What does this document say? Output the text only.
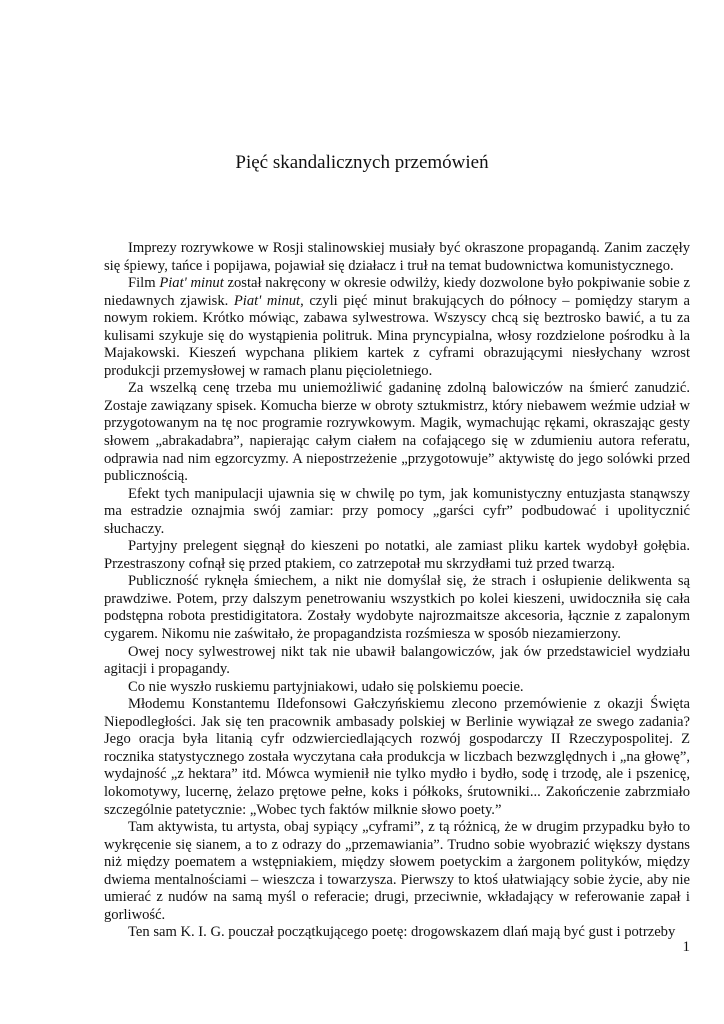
Pięć skandalicznych przemówień

Imprezy rozrywkowe w Rosji stalinowskiej musiały być okraszone propagandą. Zanim zaczęły się śpiewy, tańce i popijawa, pojawiał się działacz i truł na temat budownictwa komunistycznego.

Film Piat' minut został nakręcony w okresie odwilży, kiedy dozwolone było pokpiwanie sobie z niedawnych zjawisk. Piat' minut, czyli pięć minut brakujących do północy – pomiędzy starym a nowym rokiem. Krótko mówiąc, zabawa sylwestrowa. Wszyscy chcą się beztrosko bawić, a tu za kulisami szykuje się do wystąpienia politruk. Mina pryncypialna, włosy rozdzielone pośrodku à la Majakowski. Kieszeń wypchana plikiem kartek z cyframi obrazującymi niesłychany wzrost produkcji przemysłowej w ramach planu pięcioletniego.

Za wszelką cenę trzeba mu uniemożliwić gadaninę zdolną balowiczów na śmierć zanudzić. Zostaje zawiązany spisek. Komucha bierze w obroty sztukmistrz, który niebawem weźmie udział w przygotowanym na tę noc programie rozrywkowym. Magik, wymachując rękami, okraszając gesty słowem „abrakadabra”, napierając całym ciałem na cofającego się w zdumieniu autora referatu, odprawia nad nim egzorcyzmy. A niepostrzeżenie „przygotowuje” aktywistę do jego solówki przed publicznością.

Efekt tych manipulacji ujawnia się w chwilę po tym, jak komunistyczny entuzjasta stanąwszy ma estradzie oznajmia swój zamiar: przy pomocy „garści cyfr” podbudować i upolitycznić słuchaczy.

Partyjny prelegent sięgnął do kieszeni po notatki, ale zamiast pliku kartek wydobył gołębia. Przestraszony cofnął się przed ptakiem, co zatrzepotał mu skrzydłami tuż przed twarzą.

Publiczność ryknęła śmiechem, a nikt nie domyślał się, że strach i osłupienie delikwenta są prawdziwe. Potem, przy dalszym penetrowaniu wszystkich po kolei kieszeni, uwidoczniła się cała podstępna robota prestidigitatora. Zostały wydobyte najrozmaitsze akcesoria, łącznie z zapalonym cygarem. Nikomu nie zaświtało, że propagandzista rozśmiesza w sposób niezamierzony.

Owej nocy sylwestrowej nikt tak nie ubawił balangowiczów, jak ów przedstawiciel wydziału agitacji i propagandy.

Co nie wyszło ruskiemu partyjniakowi, udało się polskiemu poecie.

Młodemu Konstantemu Ildefonsowi Gałczyńskiemu zlecono przemówienie z okazji Święta Niepodległości. Jak się ten pracownik ambasady polskiej w Berlinie wywiązał ze swego zadania? Jego oracja była litanią cyfr odzwierciedlających rozwój gospodarczy II Rzeczypospolitej. Z rocznika statystycznego została wyczytana cała produkcja w liczbach bezwzględnych i „na głowę”, wydajność „z hektara” itd. Mówca wymienił nie tylko mydło i bydło, sodę i trzodę, ale i pszenicę, lokomotywy, lucernę, żelazo prętowe pełne, koks i półkoks, śrutowniki... Zakończenie zabrzmiało szczególnie patetycznie: „Wobec tych faktów milknie słowo poety.”

Tam aktywista, tu artysta, obaj sypiący „cyframi”, z tą różnicą, że w drugim przypadku było to wykręcenie się sianem, a to z odrazy do „przemawiania”. Trudno sobie wyobrazić większy dystans niż między poematem a wstępniakiem, między słowem poetyckim a żargonem polityków, między dwiema mentalnościami – wieszcza i towarzysza. Pierwszy to ktoś ułatwiający sobie życie, aby nie umierać z nudów na samą myśl o referacie; drugi, przeciwnie, wkładający w referowanie zapał i gorliwość.

Ten sam K. I. G. pouczał początkującego poetę: drogowskazem dlań mają być gust i potrzeby

1
